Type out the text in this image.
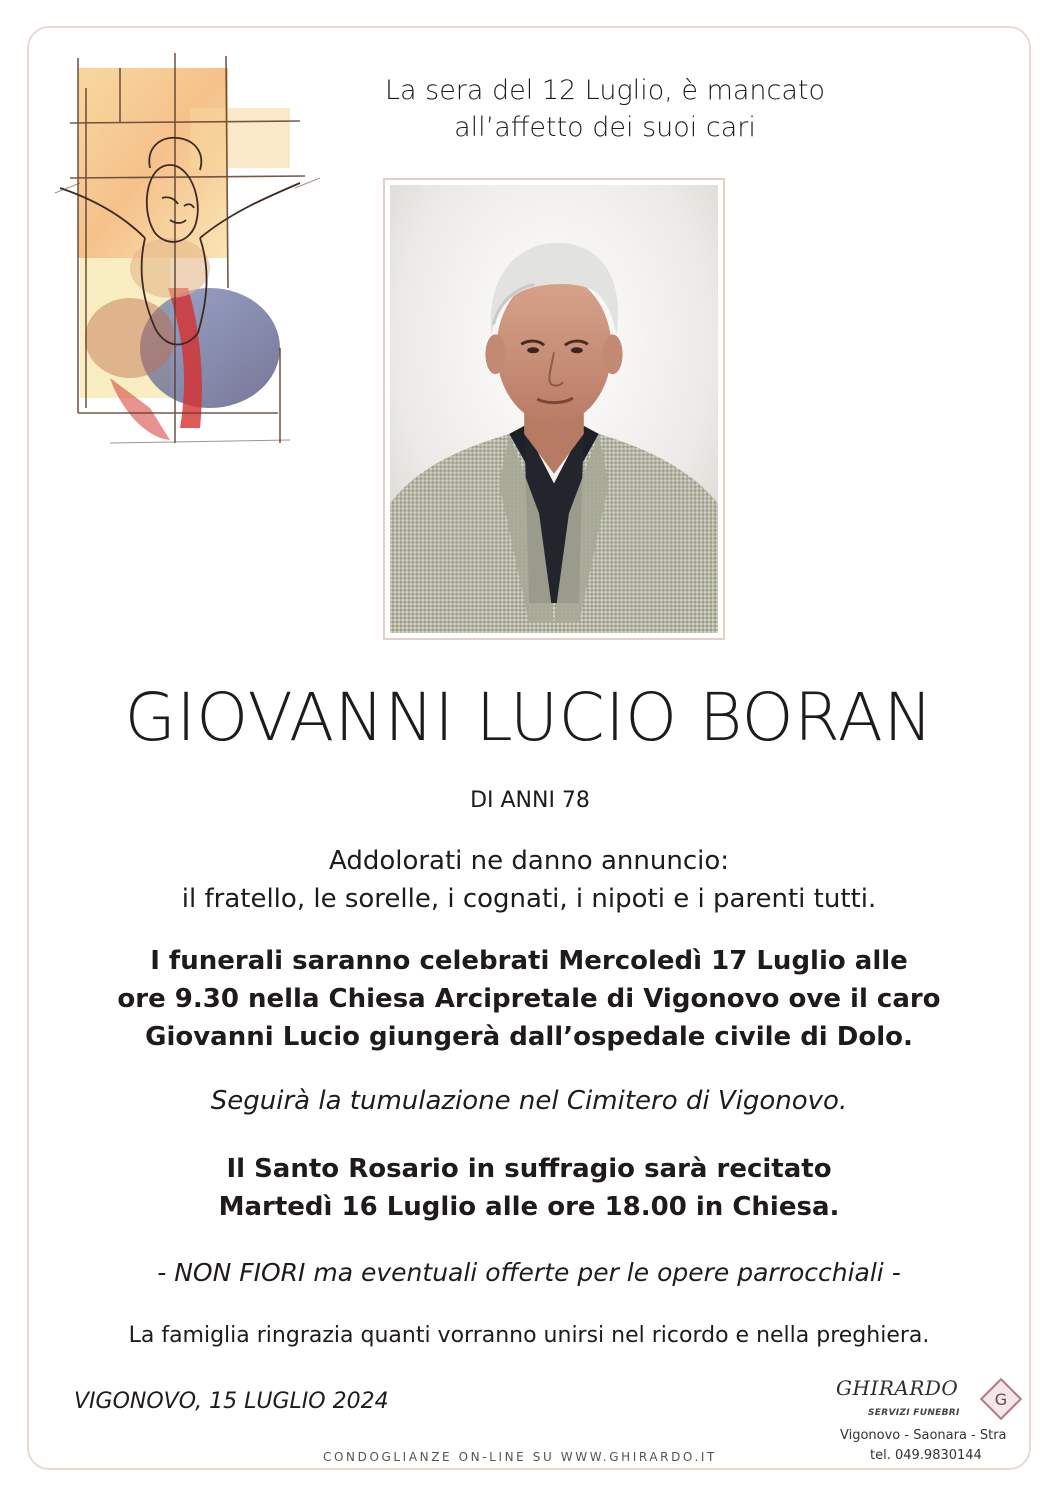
La sera del 12 Luglio, è mancato
all’affetto dei suoi cari
GIOVANNI LUCIO BORAN
DI ANNI 78
Addolorati ne danno annuncio:
il fratello, le sorelle, i cognati, i nipoti e i parenti tutti.
I funerali saranno celebrati Mercoledì 17 Luglio alle
ore 9.30 nella Chiesa Arcipretale di Vigonovo ove il caro
Giovanni Lucio giungerà dall’ospedale civile di Dolo.
Seguirà la tumulazione nel Cimitero di Vigonovo.
Il Santo Rosario in suffragio sarà recitato
Martedì 16 Luglio alle ore 18.00 in Chiesa.
- NON FIORI ma eventuali offerte per le opere parrocchiali -
La famiglia ringrazia quanti vorranno unirsi nel ricordo e nella preghiera.
VIGONOVO, 15 LUGLIO 2024
CONDOGLIANZE ON-LINE SU WWW.GHIRARDO.IT
GHIRARDO
SERVIZI FUNEBRI
G
Vigonovo - Saonara - Stra
tel. 049.9830144
